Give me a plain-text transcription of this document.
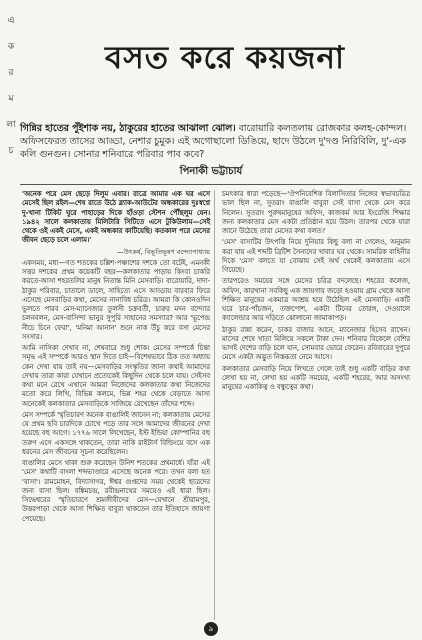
এ
ক
র
ম
লা
চ
বসত করে কয়জনা
গিন্নির হাতের পুঁইশাক নয়, ঠাকুরের হাতের আঝালা ঝোল। বারোয়ারি কলতলায় রোজকার কলহ-কোন্দল। অফিসফেরত তাসের আড্ডা, নেশার চুমুক। এই অগোছালো ডিঙিয়ে, ছাদে উঠলে দু'দণ্ড নিরিবিলি, দু'-এক কলি গুনগুন। সোনার শনিবারে পরিবার পাব কবে?
পিনাকী ভট্টাচার্য

'অনেক পরে মেস ছেড়ে দিলুম এবার। রাত্রে আমার এক ঘর এসে মেসেই ছিল রইল—শেষ রাতে উঠে ব্ল্যাক-আউটের অন্ধকারের দুঃস্বপ্নে দু-খানা টিকিট ঘুরে পাহাড়ের দিকে হাঁওড়া স্টেশন পৌঁছলুম যেন। ১৯৪২ সালে কলকাতায় মিলিটারি সিটিতে এসে টুকিউলাম—সেই থেকে ওই একই মেসে, একই অন্ধকার কাটিয়েছি। কতকাল পরে মেসের জীবন ছেড়ে চলে এলাম।'

—উৎকর্ষ, বিভূতিভূষণ বন্দ্যোপাধ্যায়

একসময়, মধ্য—গত শতকের চল্লিশ-পঞ্চাশের দশকে তো বটেই, এমনকী সত্তর দশকের প্রথম কয়েকটি বছর—কলকাতার পাড়ায় কিংবা চাকরি করতে-আসা শহরতলির মানুষ নিতান্ত মিনি মেসবাড়ি। বারোয়ারি, দাদা-ঠাকুর পরিবার, চাতালে ডালে, সাহিত্যে এসে আড্ডায় বারবার ফিরে এসেছে মেসবাড়ির কথা, মেসের নানাবিধ চরিত্র। আমরা কি কোনওদিন ভুলতে পারব মেস-ম্যানেজার তুলসী চক্রবর্তী, চারুর মদন বন্দ্যোর চলনবলন, মেস-বাসিন্দা ভানুর সুপুরি সাহানের সমস্যার? আর 'ভূপেন্দ্র নীচে চিনে ফেরা', 'মনিমা আনান' শুনে নাক উঁচু করে বসা মেসের সংসার।

আমি নাসিকা দেখাব না, শেষবারে শুধু শোক। মেসের সম্পর্কে চিন্তা সমৃদ্ধ এই সম্পর্কে আরও স্থান দিতে চাই—বিশেষভাবে ঠিক তত অধ্যায় কেন দেখা যায় তাই নয়—মেসবাড়ির সংস্কৃতির জানা কথাই আমাদের দেখায় তারা কারা যেখানে প্রত্যেকেই কিছুদিন থেকে চলে যায়। সেইসব কথা মনে রেখে এখানে আমরা নিজেদের কলকাতার কথা নিজেদের মতো করে লিখি, বিভিন্ন কলমে, ভিন্ন শহর থেকে বেড়াতে আসা অনেকেই কলকাতার মেসবাড়িকে সাজিয়ে রেখেছেন তাঁদের শব্দে।

মেস সম্পর্কে স্মৃতিচারণ অনেক বাঙালিই জানেন না; কলকাতায় মেসের যে প্রথম ছবি চারদিকে চোখে পড়ে তার সঙ্গে আমাদের জীবনের দেখা হয়েছে বহু আগে। ১৭৭৬ সালে লিখেছেন, ইস্ট ইন্ডিয়া কোম্পানির বহু তরুণ এসে একসঙ্গে থাকতেন, তারা নাকি রাইটার্স বিল্ডিংয়ে বসে এক ধরনের মেস জীবনের সূচনা করেছিলেন।

বাঙালির মেসে থাকা শুরু করেছেন উনিশ শতকের প্রথমার্ধে। যাঁরা এই 'মেস' কথাটি বাংলা শব্দভাণ্ডারে এসেছে অনেক পরে। তখন বলা হত 'বাসা'। রামমোহন, বিদ্যাসাগর, ঈশ্বর গুপ্তদের সময় থেকেই ছাত্রদের জন্য বাসা ছিল। বঙ্কিমচন্দ্র, রবীন্দ্রনাথের সময়েও এই ধারা ছিল। সিদ্ধেশ্বরের স্মৃতিচারণে শ্রমজীবীদের মেস—যেখানে শ্রীরামপুর, উত্তরপাড়া থেকে আসা শিক্ষিত বাবুরা থাকতেন তার ইতিহাসে জায়গা পেয়েছে।

চমৎকার ধারা পড়েছে—'ঔপনিবেশিক বিলাসিতার নিজের স্বভাবচরিত্র ভাল ছিল না, সুতরাং বাঙালি বাবুরা সেই বাসা থেকে মেস করে নিলেন। সুতরাং পুরুষমানুষের অফিস, কাজকর্ম আর ইংরেজি শিক্ষার জন্য কলকাতার মেস একটা প্রতিষ্ঠান হয়ে উঠল। তারপর থেকে যারা জানে উঠেছে তারা মেসের কথা বলত।'

'মেস' বাসাটির উৎপত্তি নিয়ে দুনিয়ার কিছু বলা না গেলেও, অনুমান করা যায় এই শব্দটি ব্রিটিশ সৈন্যদের খাবার ঘর থেকে। সামরিক বাহিনীর দিকে 'মেস' বলতে যা বোঝায় সেই অর্থ থেকেই কলকাতায় এসে গিয়েছে।

তারপরেও সময়ের সঙ্গে মেসের চরিত্র বদলেছে। শহরের কলেজ, অফিস, কারখানা সবকিছু এক জায়গায় জড়ো হওয়ায় গ্রাম থেকে আসা শিক্ষিত মানুষের একমাত্র আশ্রয় হয়ে উঠেছিল এই মেসবাড়ি। একটি ঘরে চার-পাঁচজন, তক্তপোশ, একটা টিনের তোরঙ্গ, দেওয়ালে ক্যালেন্ডার আর দড়িতে ঝোলানো জামাকাপড়।

ঠাকুর রান্না করেন, চাকর বাজার আনে, ম্যানেজার হিসেব রাখেন। মাসের শেষে খাতা মিলিয়ে সকলে টাকা দেন। শনিবার বিকেলে বেশির ভাগই দেশের বাড়ি চলে যান, সোমবার ভোরে ফেরেন। রবিবারের দুপুরে মেসে একটা অদ্ভুত নিস্তব্ধতা নেমে আসে।

কলকাতার মেসবাড়ি নিয়ে লিখতে গেলে তাই শুধু একটি বাড়ির কথা লেখা হয় না, লেখা হয় একটি সময়ের, একটি শহরের, আর অসংখ্য মানুষের একাকিত্ব ও বন্ধুত্বের কথা।

৯
